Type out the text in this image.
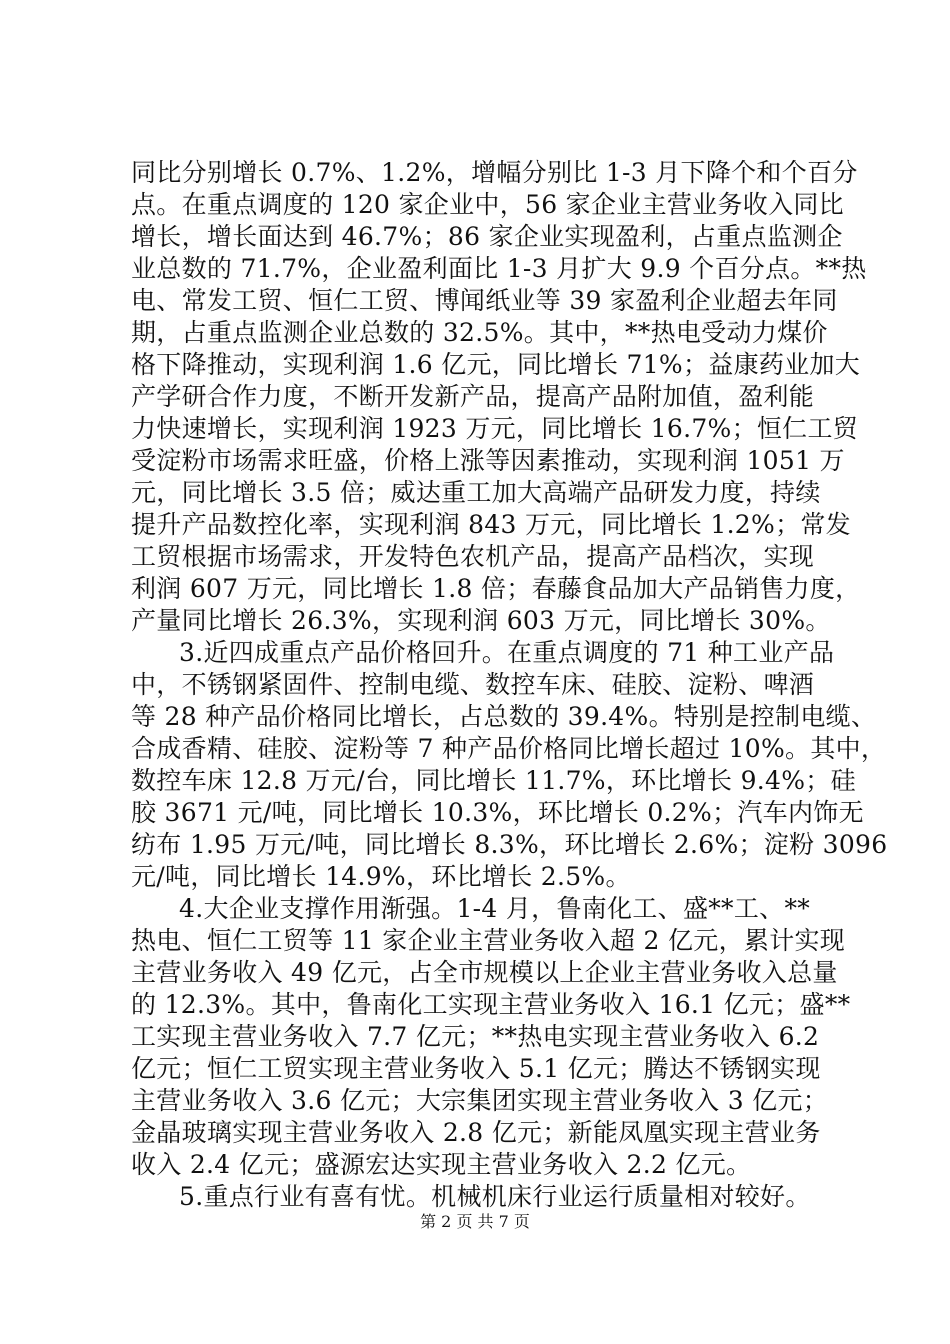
同比分别增长 0.7%、1.2%，增幅分别比 1-3 月下降个和个百分
点。在重点调度的 120 家企业中，56 家企业主营业务收入同比
增长，增长面达到 46.7%；86 家企业实现盈利，占重点监测企
业总数的 71.7%，企业盈利面比 1-3 月扩大 9.9 个百分点。**热
电、常发工贸、恒仁工贸、博闻纸业等 39 家盈利企业超去年同
期，占重点监测企业总数的 32.5%。其中，**热电受动力煤价
格下降推动，实现利润 1.6 亿元，同比增长 71%；益康药业加大
产学研合作力度，不断开发新产品，提高产品附加值，盈利能
力快速增长，实现利润 1923 万元，同比增长 16.7%；恒仁工贸
受淀粉市场需求旺盛，价格上涨等因素推动，实现利润 1051 万
元，同比增长 3.5 倍；威达重工加大高端产品研发力度，持续
提升产品数控化率，实现利润 843 万元，同比增长 1.2%；常发
工贸根据市场需求，开发特色农机产品，提高产品档次，实现
利润 607 万元，同比增长 1.8 倍；春藤食品加大产品销售力度，
产量同比增长 26.3%，实现利润 603 万元，同比增长 30%。
3.近四成重点产品价格回升。在重点调度的 71 种工业产品
中，不锈钢紧固件、控制电缆、数控车床、硅胶、淀粉、啤酒
等 28 种产品价格同比增长，占总数的 39.4%。特别是控制电缆、
合成香精、硅胶、淀粉等 7 种产品价格同比增长超过 10%。其中，
数控车床 12.8 万元/台，同比增长 11.7%，环比增长 9.4%；硅
胶 3671 元/吨，同比增长 10.3%，环比增长 0.2%；汽车内饰无
纺布 1.95 万元/吨，同比增长 8.3%，环比增长 2.6%；淀粉 3096
元/吨，同比增长 14.9%，环比增长 2.5%。
4.大企业支撑作用渐强。1-4 月，鲁南化工、盛**工、**
热电、恒仁工贸等 11 家企业主营业务收入超 2 亿元，累计实现
主营业务收入 49 亿元，占全市规模以上企业主营业务收入总量
的 12.3%。其中，鲁南化工实现主营业务收入 16.1 亿元；盛**
工实现主营业务收入 7.7 亿元；**热电实现主营业务收入 6.2
亿元；恒仁工贸实现主营业务收入 5.1 亿元；腾达不锈钢实现
主营业务收入 3.6 亿元；大宗集团实现主营业务收入 3 亿元；
金晶玻璃实现主营业务收入 2.8 亿元；新能凤凰实现主营业务
收入 2.4 亿元；盛源宏达实现主营业务收入 2.2 亿元。
5.重点行业有喜有忧。机械机床行业运行质量相对较好。
第 2 页 共 7 页
